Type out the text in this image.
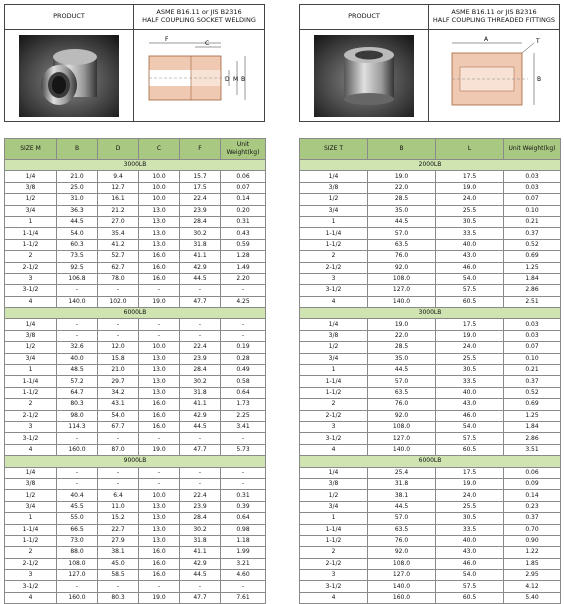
PRODUCT	ASME B16.11 or JIS B2316
HALF COUPLING SOCKET WELDING
F
C
D M B
SIZE M	B	D	C	F	Unit Weight(kg)
3000LB					
1/4	21.0	9.4	10.0	15.7	0.06
3/8	25.0	12.7	10.0	17.5	0.07
1/2	31.0	16.1	10.0	22.4	0.14
3/4	36.3	21.2	13.0	23.9	0.20
1	44.5	27.0	13.0	28.4	0.31
1-1/4	54.0	35.4	13.0	30.2	0.43
1-1/2	60.3	41.2	13.0	31.8	0.59
2	73.5	52.7	16.0	41.1	1.28
2-1/2	92.5	62.7	16.0	42.9	1.49
3	106.8	78.0	16.0	44.5	2.20
3-1/2	-	-	-	-	-
4	140.0	102.0	19.0	47.7	4.25
6000LB					
1/4	-	-	-	-	-
3/8	-	-	-	-	-
1/2	32.6	12.0	10.0	22.4	0.19
3/4	40.0	15.8	13.0	23.9	0.28
1	48.5	21.0	13.0	28.4	0.49
1-1/4	57.2	29.7	13.0	30.2	0.58
1-1/2	64.7	34.2	13.0	31.8	0.64
2	80.3	43.1	16.0	41.1	1.73
2-1/2	98.0	54.0	16.0	42.9	2.25
3	114.3	67.7	16.0	44.5	3.41
3-1/2	-	-	-	-	-
4	160.0	87.0	19.0	47.7	5.73
9000LB					
1/4	-	-	-	-	-
3/8	-	-	-	-	-
1/2	40.4	6.4	10.0	22.4	0.31
3/4	45.5	11.0	13.0	23.9	0.39
1	55.0	15.2	13.0	28.4	0.64
1-1/4	66.5	22.7	13.0	30.2	0.98
1-1/2	73.0	27.9	13.0	31.8	1.18
2	88.0	38.1	16.0	41.1	1.99
2-1/2	108.0	45.0	16.0	42.9	3.21
3	127.0	58.5	16.0	44.5	4.60
3-1/2	-	-	-	-	-
4	160.0	80.3	19.0	47.7	7.61
PRODUCT	ASME B16.11 or JIS B2316
HALF COUPLING THREADED FITTINGS
A	T
B
SIZE T	B	L	Unit Weight(kg)
2000LB			
1/4	19.0	17.5	0.03
3/8	22.0	19.0	0.03
1/2	28.5	24.0	0.07
3/4	35.0	25.5	0.10
1	44.5	30.5	0.21
1-1/4	57.0	33.5	0.37
1-1/2	63.5	40.0	0.52
2	76.0	43.0	0.69
2-1/2	92.0	46.0	1.25
3	108.0	54.0	1.84
3-1/2	127.0	57.5	2.86
4	140.0	60.5	2.51
3000LB			
1/4	19.0	17.5	0.03
3/8	22.0	19.0	0.03
1/2	28.5	24.0	0.07
3/4	35.0	25.5	0.10
1	44.5	30.5	0.21
1-1/4	57.0	33.5	0.37
1-1/2	63.5	40.0	0.52
2	76.0	43.0	0.69
2-1/2	92.0	46.0	1.25
3	108.0	54.0	1.84
3-1/2	127.0	57.5	2.86
4	140.0	60.5	3.51
6000LB			
1/4	25.4	17.5	0.06
3/8	31.8	19.0	0.09
1/2	38.1	24.0	0.14
3/4	44.5	25.5	0.23
1	57.0	30.5	0.37
1-1/4	63.5	33.5	0.70
1-1/2	76.0	40.0	0.90
2	92.0	43.0	1.22
2-1/2	108.0	46.0	1.85
3	127.0	54.0	2.95
3-1/2	140.0	57.5	4.12
4	160.0	60.5	5.40
